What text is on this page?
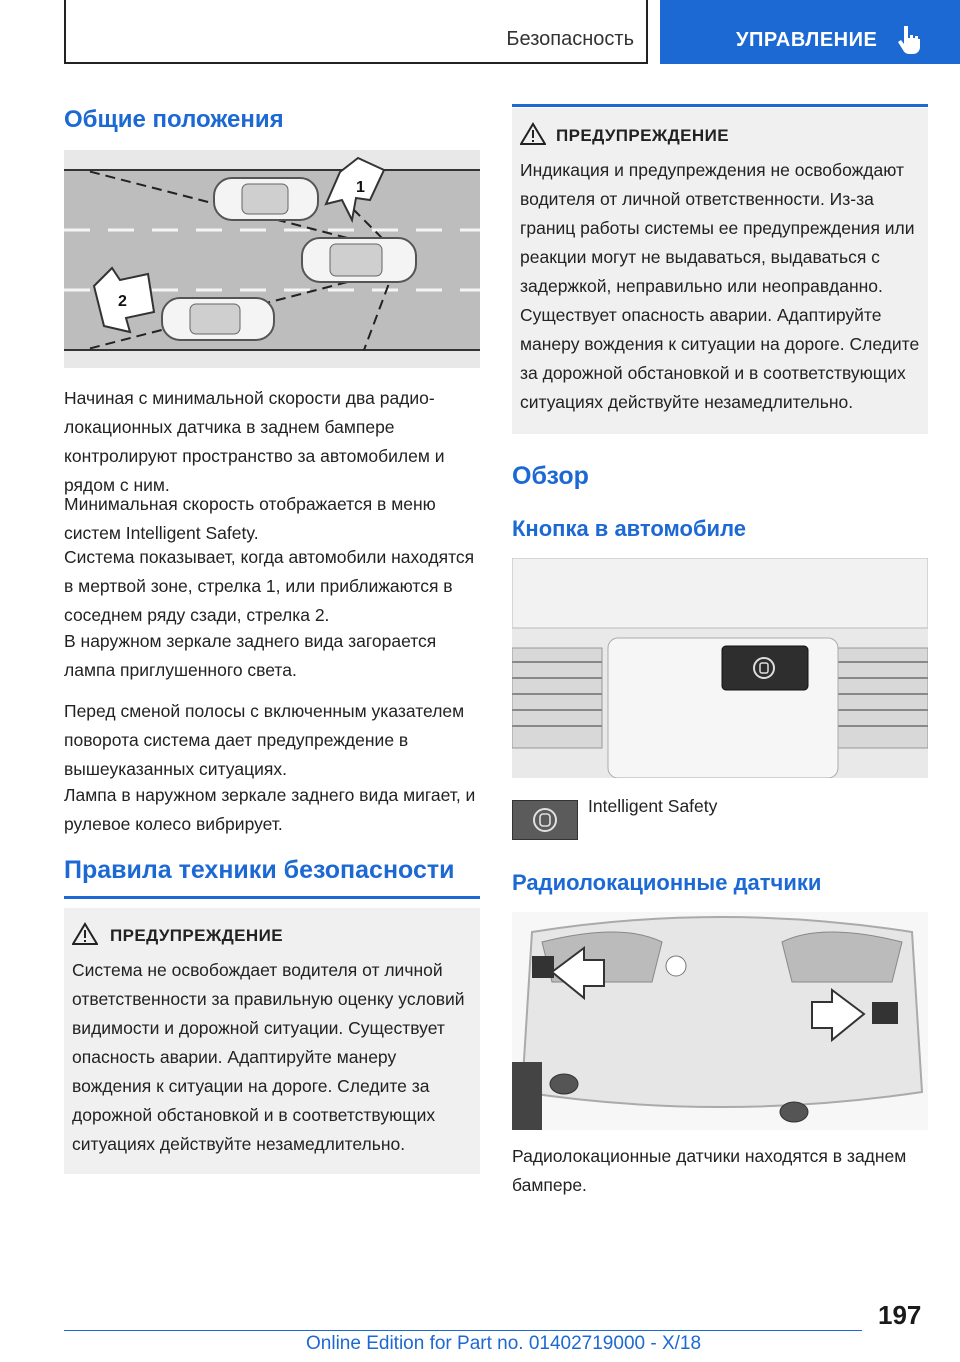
Безопасность	УПРАВЛЕНИЕ
Общие положения
1
2

Начиная с минимальной скорости два радиолокационных датчика в заднем бампере контролируют пространство за автомобилем и рядом с ним.

Минимальная скорость отображается в меню систем Intelligent Safety.

Система показывает, когда автомобили находятся в мертвой зоне, стрелка 1, или приближаются в соседнем ряду сзади, стрелка 2.

В наружном зеркале заднего вида загорается лампа приглушенного света.

Перед сменой полосы с включенным указателем поворота система дает предупреждение в вышеуказанных ситуациях.

Лампа в наружном зеркале заднего вида мигает, и рулевое колесо вибрирует.

Правила техники безопасности
ПРЕДУПРЕЖДЕНИЕ

Система не освобождает водителя от личной ответственности за правильную оценку условий видимости и дорожной ситуации. Существует опасность аварии. Адаптируйте манеру вождения к ситуации на дороге. Следите за дорожной обстановкой и в соответствующих ситуациях действуйте незамедлительно.

ПРЕДУПРЕЖДЕНИЕ

Индикация и предупреждения не освобождают водителя от личной ответственности. Из-за границ работы системы ее предупреждения или реакции могут не выдаваться, выдаваться с задержкой, неправильно или неоправданно. Существует опасность аварии. Адаптируйте манеру вождения к ситуации на дороге. Следите за дорожной обстановкой и в соответствующих ситуациях действуйте незамедлительно.

Обзор
Кнопка в автомобиле
Intelligent Safety
Радиолокационные датчики

Радиолокационные датчики находятся в заднем бампере.

197
Online Edition for Part no. 01402719000 - X/18
